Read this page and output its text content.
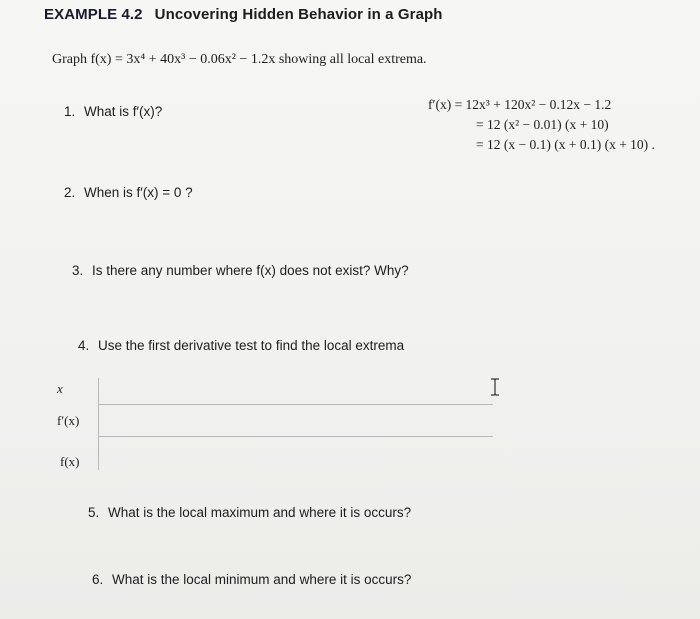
EXAMPLE 4.2 Uncovering Hidden Behavior in a Graph
Graph f(x) = 3x⁴ + 40x³ − 0.06x² − 1.2x showing all local extrema.
1. What is f′(x)?	f′(x) = 12x³ + 120x² − 0.12x − 1.2
= 12 (x² − 0.01) (x + 10)
= 12 (x − 0.1) (x + 0.1) (x + 10) .
2. When is f′(x) = 0 ?
3. Is there any number where f(x) does not exist? Why?
4. Use the first derivative test to find the local extrema
x
f′(x)
f(x)
5. What is the local maximum and where it is occurs?
6. What is the local minimum and where it is occurs?
